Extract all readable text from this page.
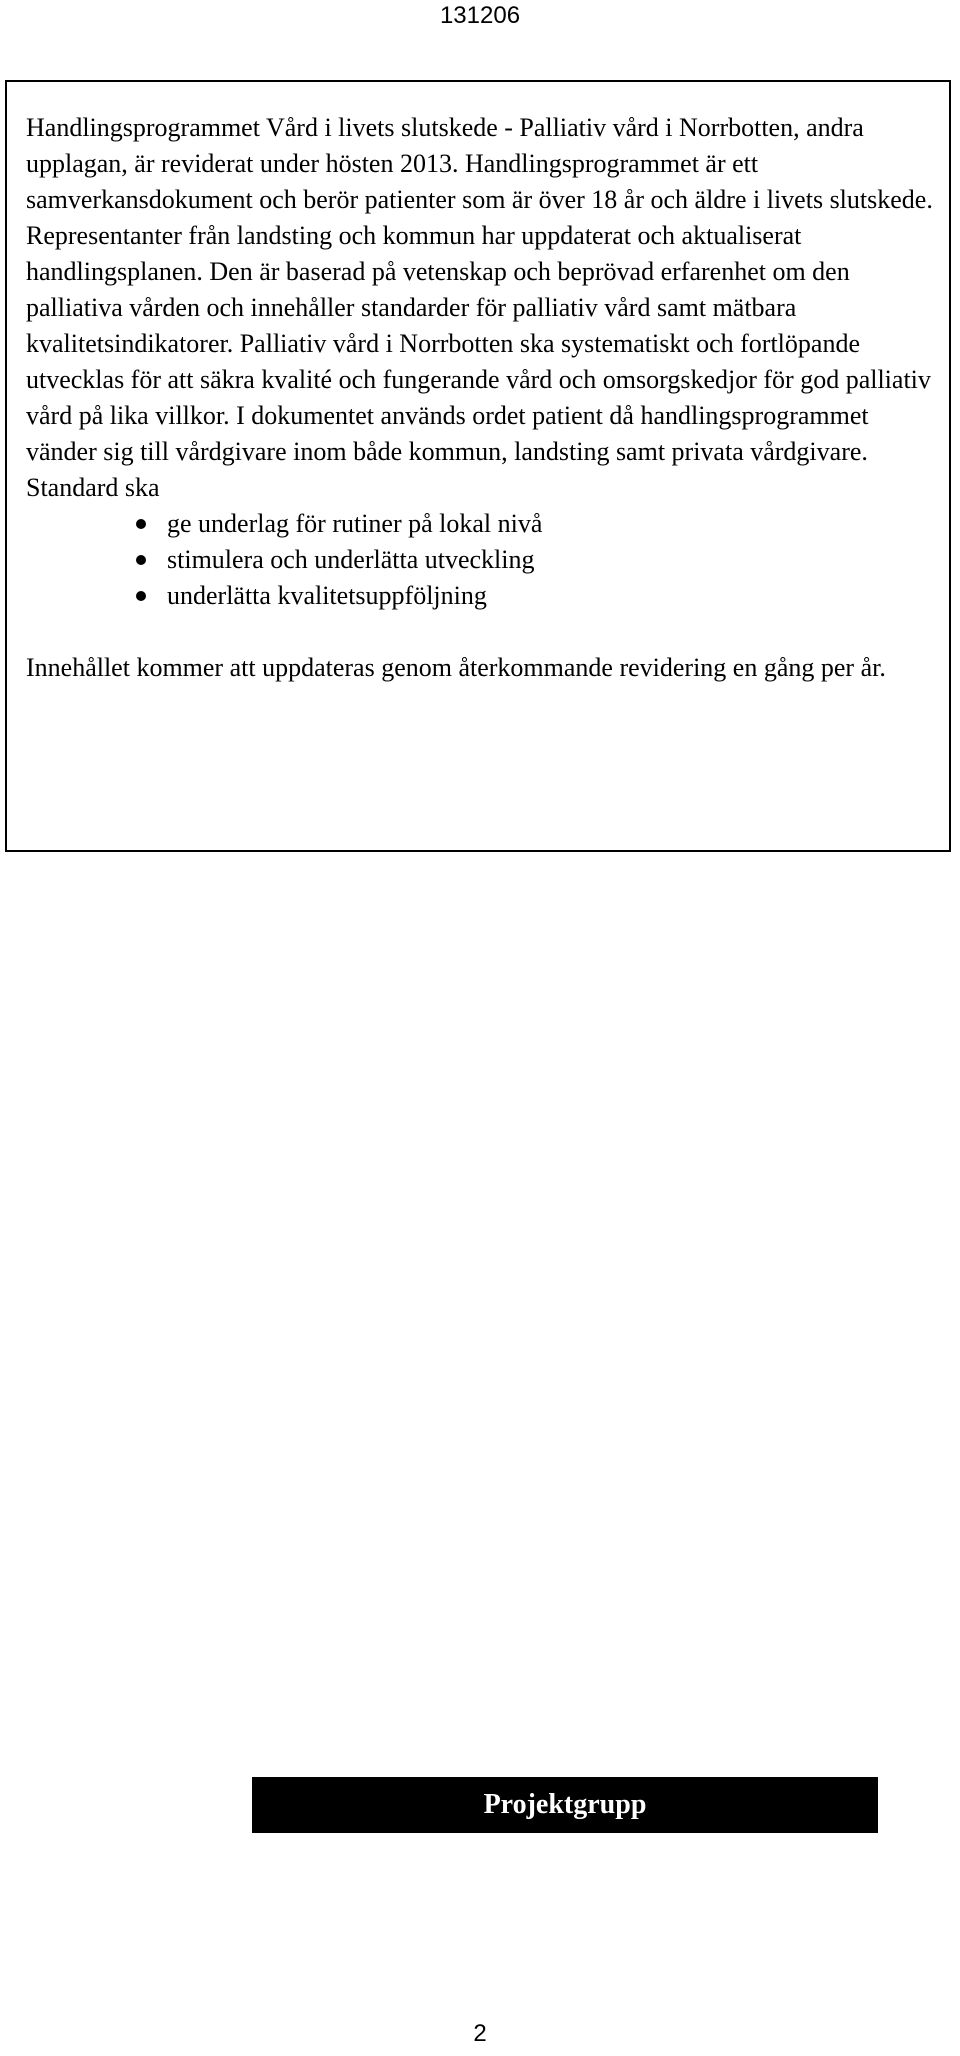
131206

Handlingsprogrammet Vård i livets slutskede - Palliativ vård i Norrbotten, andra upplagan, är reviderat under hösten 2013. Handlingsprogrammet är ett samverkansdokument och berör patienter som är över 18 år och äldre i livets slutskede. Representanter från landsting och kommun har uppdaterat och aktualiserat handlingsplanen. Den är baserad på vetenskap och beprövad erfarenhet om den palliativa vården och innehåller standarder för palliativ vård samt mätbara kvalitetsindikatorer. Palliativ vård i Norrbotten ska systematiskt och fortlöpande utvecklas för att säkra kvalité och fungerande vård och omsorgskedjor för god palliativ vård på lika villkor. I dokumentet används ordet patient då handlingsprogrammet vänder sig till vårdgivare inom både kommun, landsting samt privata vårdgivare.

Standard ska

ge underlag för rutiner på lokal nivå
stimulera och underlätta utveckling
underlätta kvalitetsuppföljning

Innehållet kommer att uppdateras genom återkommande revidering en gång per år.

Projektgrupp
2
